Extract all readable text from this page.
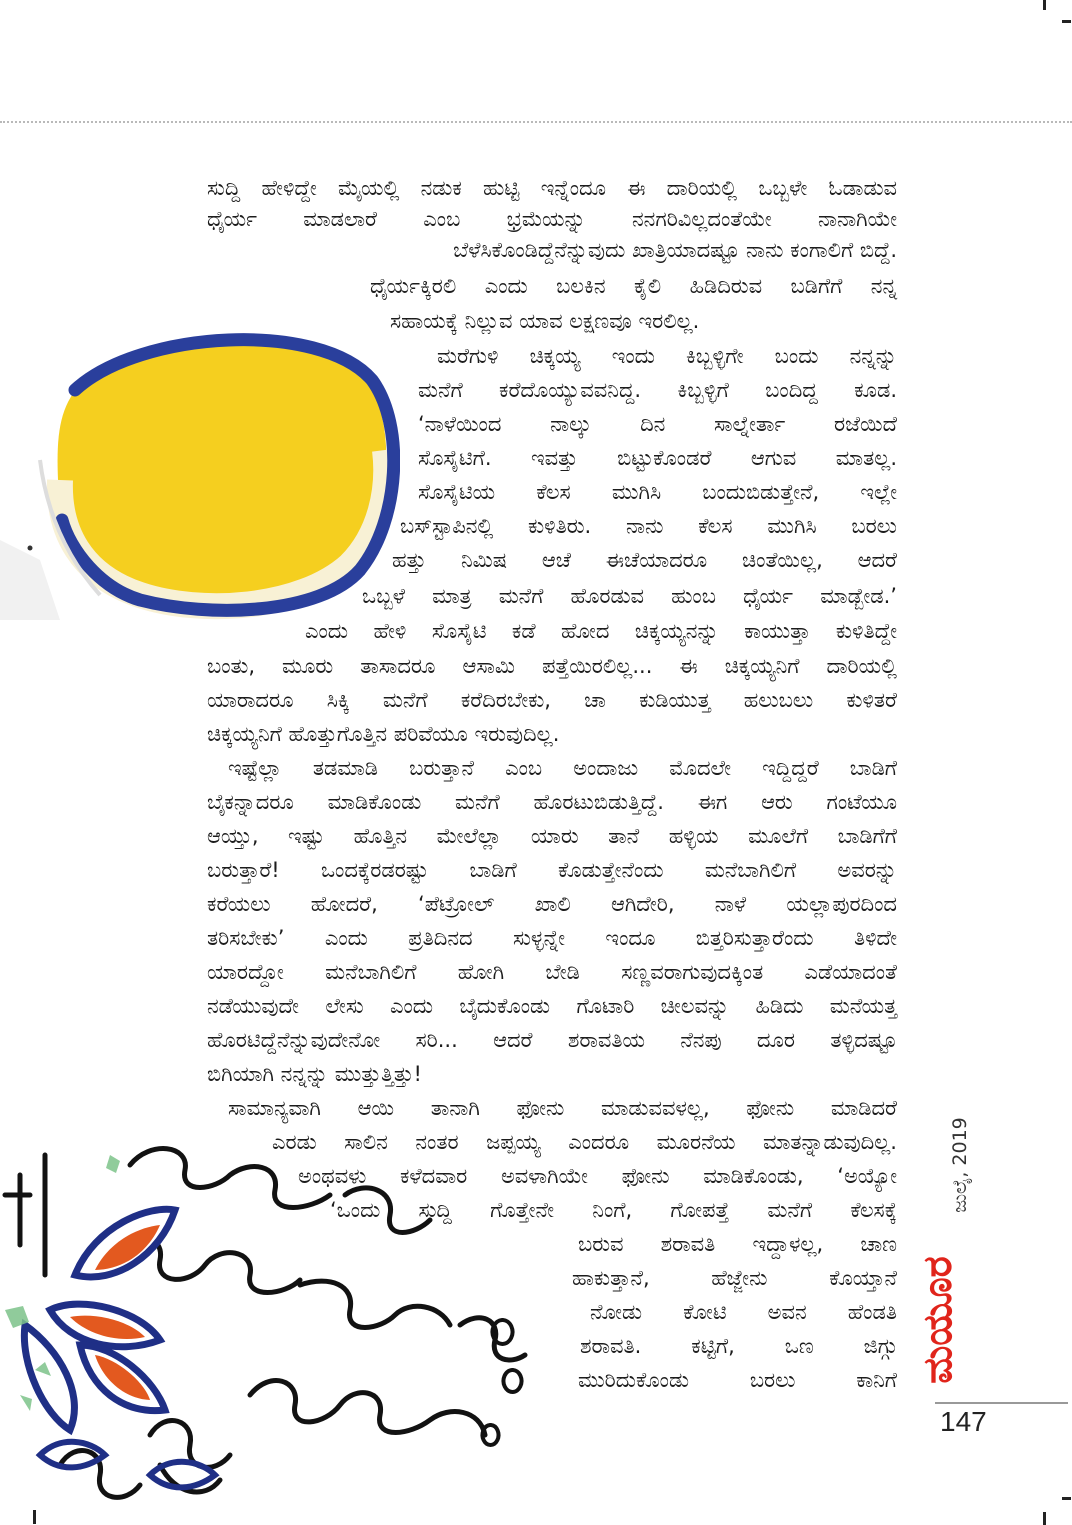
ಸುದ್ದಿ ಹೇಳಿದ್ದೇ ಮೈಯಲ್ಲಿ ನಡುಕ ಹುಟ್ಟಿ ಇನ್ನೆಂದೂ ಈ ದಾರಿಯಲ್ಲಿ ಒಬ್ಬಳೇ ಓಡಾಡುವ
ಧೈರ್ಯ ಮಾಡಲಾರೆ ಎಂಬ ಭ್ರಮೆಯನ್ನು ನನಗರಿವಿಲ್ಲದಂತೆಯೇ ನಾನಾಗಿಯೇ
ಬೆಳೆಸಿಕೊಂಡಿದ್ದೆನೆನ್ನುವುದು ಖಾತ್ರಿಯಾದಷ್ಟೂ ನಾನು ಕಂಗಾಲಿಗೆ ಬಿದ್ದೆ.
ಧೈರ್ಯಕ್ಕಿರಲಿ ಎಂದು ಬಲಕಿನ ಕೈಲಿ ಹಿಡಿದಿರುವ ಬಡಿಗೆಗೆ ನನ್ನ
ಸಹಾಯಕ್ಕೆ ನಿಲ್ಲುವ ಯಾವ ಲಕ್ಷಣವೂ ಇರಲಿಲ್ಲ.
ಮರೆಗುಳಿ ಚಿಕ್ಕಯ್ಯ ಇಂದು ಕಿಬ್ಬಳ್ಳಿಗೇ ಬಂದು ನನ್ನನ್ನು
ಮನೆಗೆ ಕರೆದೊಯ್ಯುವವನಿದ್ದ. ಕಿಬ್ಬಳ್ಳಿಗೆ ಬಂದಿದ್ದ ಕೂಡ.
‘ನಾಳೆಯಿಂದ ನಾಲ್ಕು ದಿನ ಸಾಲ್ನೇರ್ತಾ ರಜೆಯಿದೆ
ಸೊಸೈಟಿಗೆ. ಇವತ್ತು ಬಿಟ್ಟುಕೊಂಡರೆ ಆಗುವ ಮಾತಲ್ಲ.
ಸೊಸೈಟಿಯ ಕೆಲಸ ಮುಗಿಸಿ ಬಂದುಬಿಡುತ್ತೇನೆ, ಇಲ್ಲೇ
ಬಸ್‌ಸ್ಟಾಪಿನಲ್ಲಿ ಕುಳಿತಿರು. ನಾನು ಕೆಲಸ ಮುಗಿಸಿ ಬರಲು
ಹತ್ತು ನಿಮಿಷ ಆಚೆ ಈಚೆಯಾದರೂ ಚಿಂತೆಯಿಲ್ಲ, ಆದರೆ
ಒಬ್ಬಳೆ ಮಾತ್ರ ಮನೆಗೆ ಹೊರಡುವ ಹುಂಬ ಧೈರ್ಯ ಮಾಡ್ಬೇಡ.’
ಎಂದು ಹೇಳಿ ಸೊಸೈಟಿ ಕಡೆ ಹೋದ ಚಿಕ್ಕಯ್ಯನನ್ನು ಕಾಯುತ್ತಾ ಕುಳಿತಿದ್ದೇ
ಬಂತು, ಮೂರು ತಾಸಾದರೂ ಆಸಾಮಿ ಪತ್ತೆಯಿರಲಿಲ್ಲ... ಈ ಚಿಕ್ಕಯ್ಯನಿಗೆ ದಾರಿಯಲ್ಲಿ
ಯಾರಾದರೂ ಸಿಕ್ಕಿ ಮನೆಗೆ ಕರೆದಿರಬೇಕು, ಚಾ ಕುಡಿಯುತ್ತ ಹಲುಬಲು ಕುಳಿತರೆ
ಚಿಕ್ಕಯ್ಯನಿಗೆ ಹೊತ್ತುಗೊತ್ತಿನ ಪರಿವೆಯೂ ಇರುವುದಿಲ್ಲ.
ಇಷ್ಟೆಲ್ಲಾ ತಡಮಾಡಿ ಬರುತ್ತಾನೆ ಎಂಬ ಅಂದಾಜು ಮೊದಲೇ ಇದ್ದಿದ್ದರೆ ಬಾಡಿಗೆ
ಬೈಕನ್ನಾದರೂ ಮಾಡಿಕೊಂಡು ಮನೆಗೆ ಹೊರಟುಬಿಡುತ್ತಿದ್ದೆ. ಈಗ ಆರು ಗಂಟೆಯೂ
ಆಯ್ತು, ಇಷ್ಟು ಹೊತ್ತಿನ ಮೇಲೆಲ್ಲಾ ಯಾರು ತಾನೆ ಹಳ್ಳಿಯ ಮೂಲೆಗೆ ಬಾಡಿಗೆಗೆ
ಬರುತ್ತಾರೆ! ಒಂದಕ್ಕೆರಡರಷ್ಟು ಬಾಡಿಗೆ ಕೊಡುತ್ತೇನೆಂದು ಮನೆಬಾಗಿಲಿಗೆ ಅವರನ್ನು
ಕರೆಯಲು ಹೋದರೆ, ‘ಪೆಟ್ರೋಲ್ ಖಾಲಿ ಆಗಿದೇರಿ, ನಾಳೆ ಯಲ್ಲಾಪುರದಿಂದ
ತರಿಸಬೇಕು’ ಎಂದು ಪ್ರತಿದಿನದ ಸುಳ್ಳನ್ನೇ ಇಂದೂ ಬಿತ್ತರಿಸುತ್ತಾರೆಂದು ತಿಳಿದೇ
ಯಾರದ್ದೋ ಮನೆಬಾಗಿಲಿಗೆ ಹೋಗಿ ಬೇಡಿ ಸಣ್ಣವರಾಗುವುದಕ್ಕಿಂತ ಎಡೆಯಾದಂತೆ
ನಡೆಯುವುದೇ ಲೇಸು ಎಂದು ಬೈದುಕೊಂಡು ಗೊಟಾರಿ ಚೀಲವನ್ನು ಹಿಡಿದು ಮನೆಯತ್ತ
ಹೊರಟಿದ್ದೆನೆನ್ನುವುದೇನೋ ಸರಿ... ಆದರೆ ಶರಾವತಿಯ ನೆನಪು ದೂರ ತಳ್ಳಿದಷ್ಟೂ
ಬಿಗಿಯಾಗಿ ನನ್ನನ್ನು ಮುತ್ತುತ್ತಿತ್ತು!
ಸಾಮಾನ್ಯವಾಗಿ ಆಯಿ ತಾನಾಗಿ ಫೋನು ಮಾಡುವವಳಲ್ಲ, ಫೋನು ಮಾಡಿದರೆ
ಎರಡು ಸಾಲಿನ ನಂತರ ಜಪ್ಪಯ್ಯ ಎಂದರೂ ಮೂರನೆಯ ಮಾತನ್ನಾಡುವುದಿಲ್ಲ.
ಅಂಥವಳು ಕಳೆದವಾರ ಅವಳಾಗಿಯೇ ಫೋನು ಮಾಡಿಕೊಂಡು, ‘ಅಯ್ಯೋ
‘ಒಂದು ಸುದ್ದಿ ಗೊತ್ತೇನೇ ನಿಂಗೆ, ಗೋಪತ್ತೆ ಮನೆಗೆ ಕೆಲಸಕ್ಕೆ
ಬರುವ ಶರಾವತಿ ಇದ್ದಾಳಲ್ಲ, ಚಾಣ
ಹಾಕುತ್ತಾನೆ, ಹೆಜ್ಜೇನು ಕೊಯ್ತಾನೆ
ನೋಡು ಕೋಟಿ ಅವನ ಹೆಂಡತಿ
ಶರಾವತಿ. ಕಟ್ಟಿಗೆ, ಒಣ ಜಿಗ್ಗು
ಮುರಿದುಕೊಂಡು ಬರಲು ಕಾನಿಗೆ
ಜುಲೈ, 2019
ಮಯೂರ
147
